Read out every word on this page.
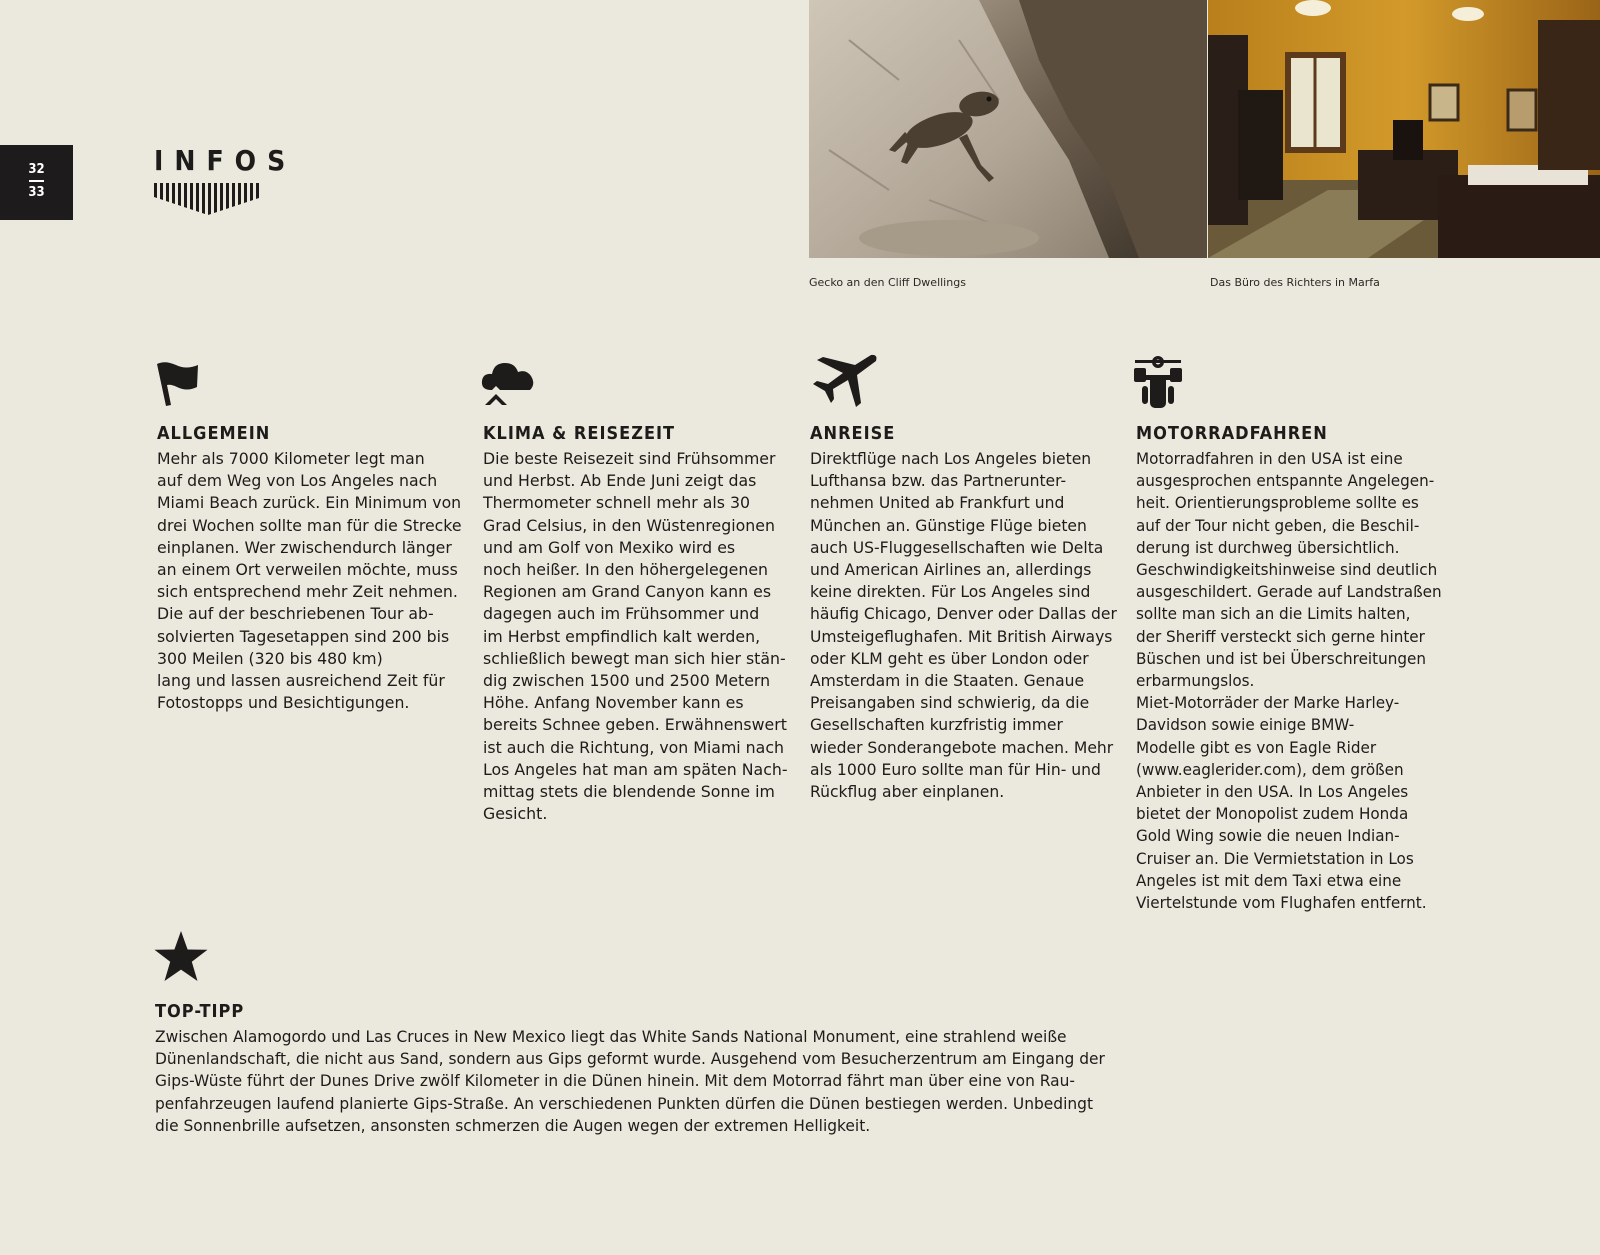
32
33
INFOS
Gecko an den Cliff Dwellings	Das Büro des Richters in Marfa
ALLGEMEIN	KLIMA & REISEZEIT	ANREISE	MOTORRADFAHREN
TOP-TIPP
Mehr als 7000 Kilometer legt man
auf dem Weg von Los Angeles nach
Miami Beach zurück. Ein Minimum von
drei Wochen sollte man für die Strecke
einplanen. Wer zwischendurch länger
an einem Ort verweilen möchte, muss
sich entsprechend mehr Zeit nehmen.
Die auf der beschriebenen Tour ab-
solvierten Tagesetappen sind 200 bis
300 Meilen (320 bis 480 km)
lang und lassen ausreichend Zeit für
Fotostopps und Besichtigungen.
Die beste Reisezeit sind Frühsommer
und Herbst. Ab Ende Juni zeigt das
Thermometer schnell mehr als 30
Grad Celsius, in den Wüstenregionen
und am Golf von Mexiko wird es
noch heißer. In den höhergelegenen
Regionen am Grand Canyon kann es
dagegen auch im Frühsommer und
im Herbst empfindlich kalt werden,
schließlich bewegt man sich hier stän-
dig zwischen 1500 und 2500 Metern
Höhe. Anfang November kann es
bereits Schnee geben. Erwähnenswert
ist auch die Richtung, von Miami nach
Los Angeles hat man am späten Nach-
mittag stets die blendende Sonne im
Gesicht.
Direktflüge nach Los Angeles bieten
Lufthansa bzw. das Partnerunter-
nehmen United ab Frankfurt und
München an. Günstige Flüge bieten
auch US-Fluggesellschaften wie Delta
und American Airlines an, allerdings
keine direkten. Für Los Angeles sind
häufig Chicago, Denver oder Dallas der
Umsteigeflughafen. Mit British Airways
oder KLM geht es über London oder
Amsterdam in die Staaten. Genaue
Preisangaben sind schwierig, da die
Gesellschaften kurzfristig immer
wieder Sonderangebote machen. Mehr
als 1000 Euro sollte man für Hin- und
Rückflug aber einplanen.
Motorradfahren in den USA ist eine
ausgesprochen entspannte Angelegen-
heit. Orientierungsprobleme sollte es
auf der Tour nicht geben, die Beschil-
derung ist durchweg übersichtlich.
Geschwindigkeitshinweise sind deutlich
ausgeschildert. Gerade auf Landstraßen
sollte man sich an die Limits halten,
der Sheriff versteckt sich gerne hinter
Büschen und ist bei Überschreitungen
erbarmungslos.
Miet-Motorräder der Marke Harley-
Davidson sowie einige BMW-
Modelle gibt es von Eagle Rider
(www.eaglerider.com), dem größen
Anbieter in den USA. In Los Angeles
bietet der Monopolist zudem Honda
Gold Wing sowie die neuen Indian-
Cruiser an. Die Vermietstation in Los
Angeles ist mit dem Taxi etwa eine
Viertelstunde vom Flughafen entfernt.
Zwischen Alamogordo und Las Cruces in New Mexico liegt das White Sands National Monument, eine strahlend weiße
Dünenlandschaft, die nicht aus Sand, sondern aus Gips geformt wurde. Ausgehend vom Besucherzentrum am Eingang der
Gips-Wüste führt der Dunes Drive zwölf Kilometer in die Dünen hinein. Mit dem Motorrad fährt man über eine von Rau-
penfahrzeugen laufend planierte Gips-Straße. An verschiedenen Punkten dürfen die Dünen bestiegen werden. Unbedingt
die Sonnenbrille aufsetzen, ansonsten schmerzen die Augen wegen der extremen Helligkeit.
